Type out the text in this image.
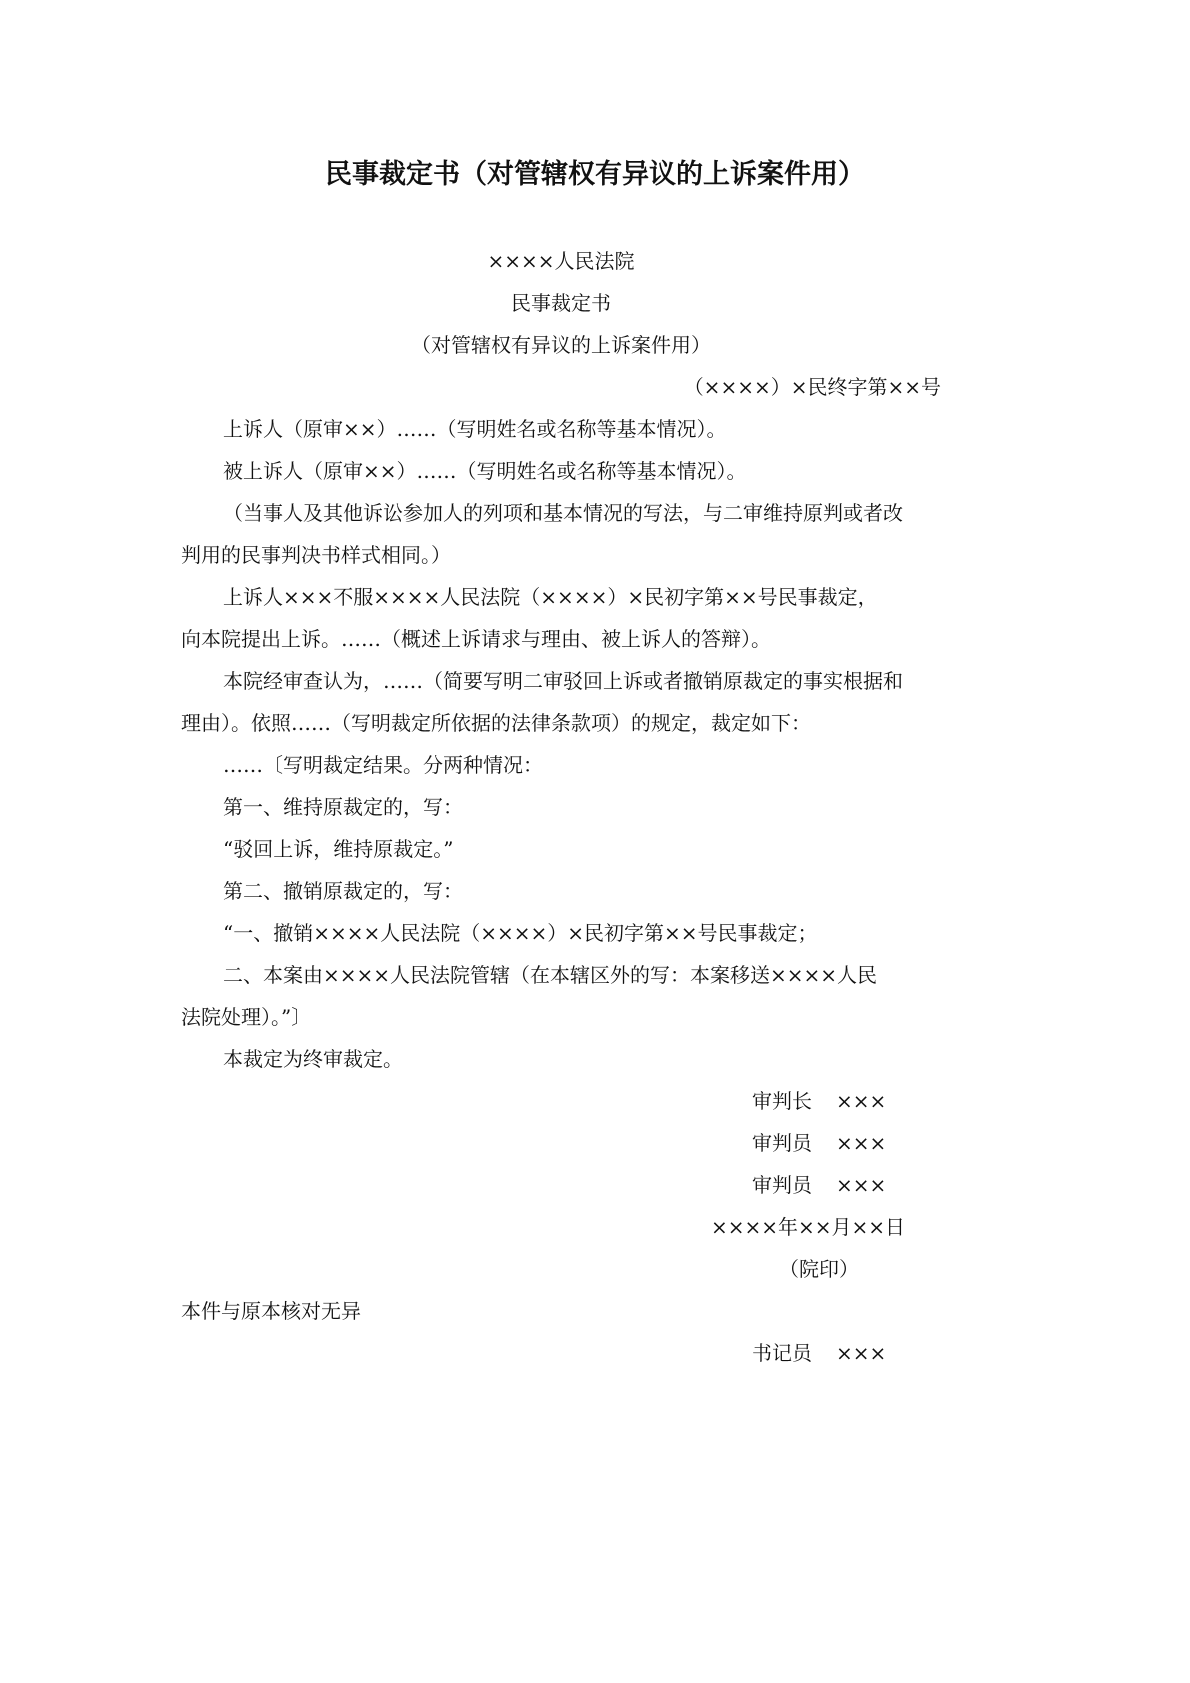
民事裁定书（对管辖权有异议的上诉案件用）
××××人民法院
民事裁定书
（对管辖权有异议的上诉案件用）
（××××）×民终字第××号
上诉人（原审××）……（写明姓名或名称等基本情况）。
被上诉人（原审××）……（写明姓名或名称等基本情况）。
（当事人及其他诉讼参加人的列项和基本情况的写法，与二审维持原判或者改
判用的民事判决书样式相同。）
上诉人×××不服××××人民法院（××××）×民初字第××号民事裁定，
向本院提出上诉。……（概述上诉请求与理由、被上诉人的答辩）。
本院经审查认为，……（简要写明二审驳回上诉或者撤销原裁定的事实根据和
理由）。依照……（写明裁定所依据的法律条款项）的规定，裁定如下：
……〔写明裁定结果。分两种情况：
第一、维持原裁定的，写：
“驳回上诉，维持原裁定。”
第二、撤销原裁定的，写：
“一、撤销××××人民法院（××××）×民初字第××号民事裁定；
二、本案由××××人民法院管辖（在本辖区外的写：本案移送××××人民
法院处理）。”〕
本裁定为终审裁定。
审判长 ×××
审判员 ×××
审判员 ×××
××××年××月××日
（院印）
本件与原本核对无异
书记员 ×××
